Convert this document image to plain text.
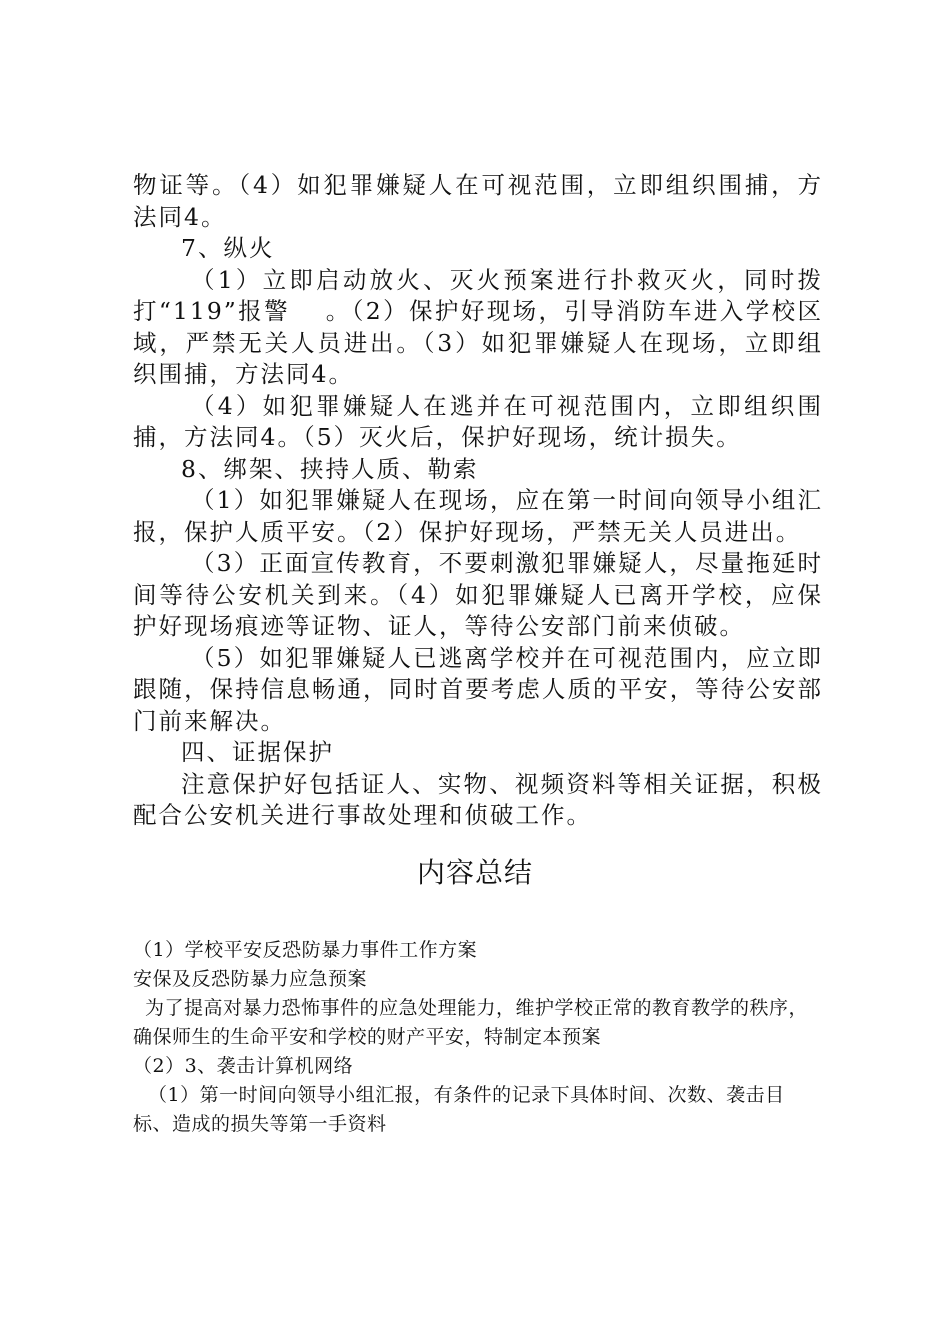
物证等。（4）如犯罪嫌疑人在可视范围，立即组织围捕，方法同4。

7、纵火

（1）立即启动放火、灭火预案进行扑救灭火，同时拨打“119”报警　 。（2）保护好现场，引导消防车进入学校区域，严禁无关人员进出。（3）如犯罪嫌疑人在现场，立即组织围捕，方法同4。

（4）如犯罪嫌疑人在逃并在可视范围内，立即组织围捕，方法同4。（5）灭火后，保护好现场，统计损失。

8、绑架、挟持人质、勒索

（1）如犯罪嫌疑人在现场，应在第一时间向领导小组汇报，保护人质平安。（2）保护好现场，严禁无关人员进出。

（3）正面宣传教育，不要刺激犯罪嫌疑人，尽量拖延时间等待公安机关到来。（4）如犯罪嫌疑人已离开学校，应保护好现场痕迹等证物、证人，等待公安部门前来侦破。

（5）如犯罪嫌疑人已逃离学校并在可视范围内，应立即跟随，保持信息畅通，同时首要考虑人质的平安，等待公安部门前来解决。

四、证据保护

注意保护好包括证人、实物、视频资料等相关证据，积极配合公安机关进行事故处理和侦破工作。

内容总结

（1）学校平安反恐防暴力事件工作方案

安保及反恐防暴力应急预案

为了提高对暴力恐怖事件的应急处理能力，维护学校正常的教育教学的秩序，确保师生的生命平安和学校的财产平安，特制定本预案

（2）3、袭击计算机网络

（1）第一时间向领导小组汇报，有条件的记录下具体时间、次数、袭击目标、造成的损失等第一手资料
